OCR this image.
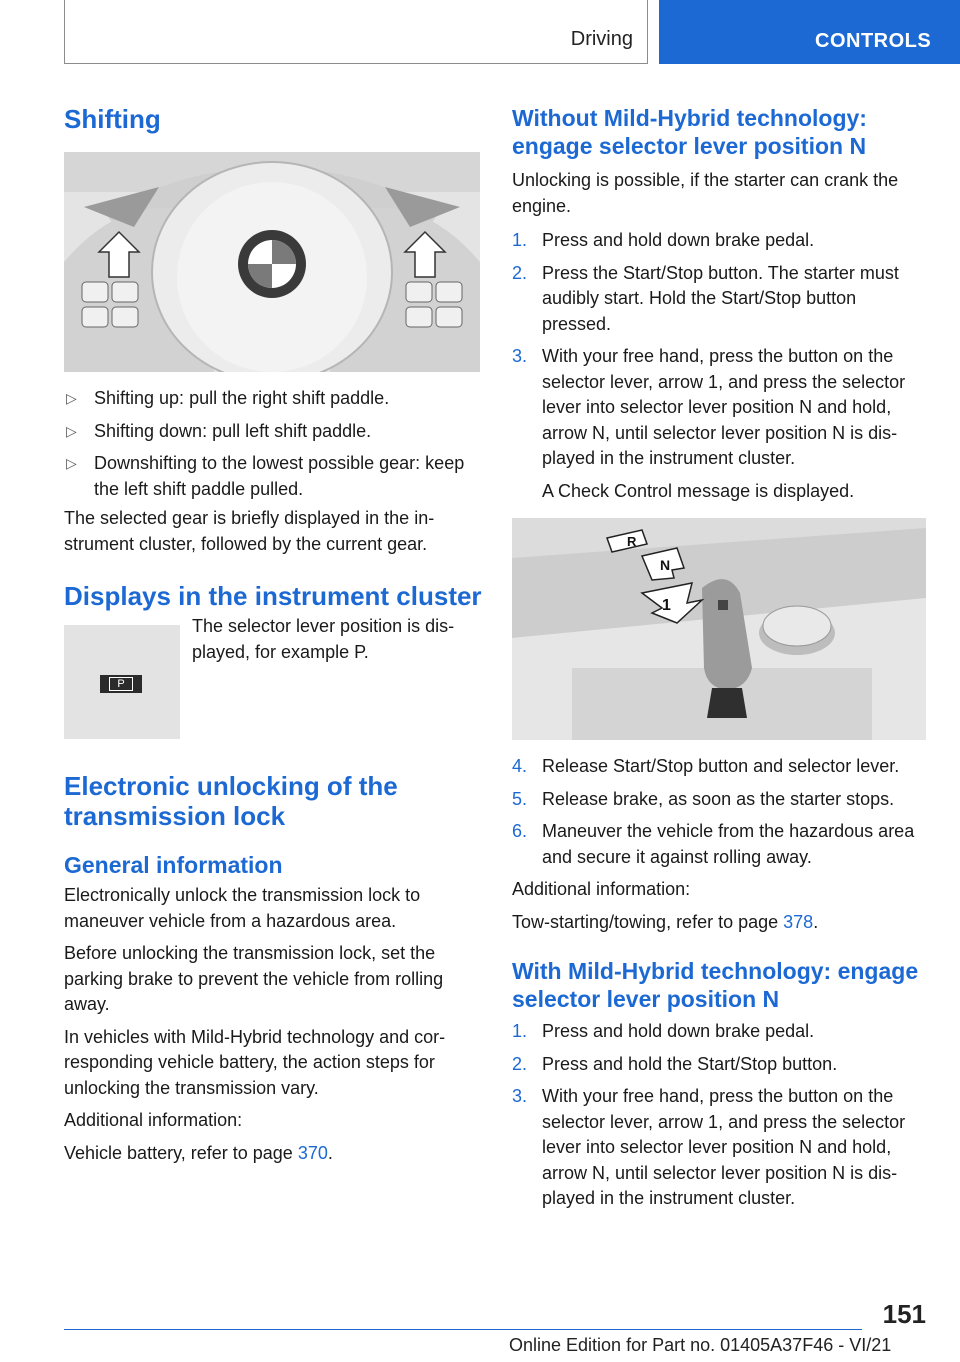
Driving	CONTROLS
Shifting
▷ Shifting up: pull the right shift paddle.
▷ Shifting down: pull left shift paddle.
▷ Downshifting to the lowest possible gear: keep the left shift paddle pulled.

The selected gear is briefly displayed in the in‐strument cluster, followed by the current gear.

Displays in the instrument cluster
P

The selector lever position is dis‐played, for example P.

Electronic unlocking of the transmission lock
General information

Electronically unlock the transmission lock to maneuver vehicle from a hazardous area.

Before unlocking the transmission lock, set the parking brake to prevent the vehicle from rolling away.

In vehicles with Mild-Hybrid technology and cor‐responding vehicle battery, the action steps for unlocking the transmission vary.

Additional information:

Vehicle battery, refer to page 370.

Without Mild-Hybrid technology: engage selector lever position N

Unlocking is possible, if the starter can crank the engine.

1. Press and hold down brake pedal.
2. Press the Start/Stop button. The starter must audibly start. Hold the Start/Stop button pressed.
3. With your free hand, press the button on the selector lever, arrow 1, and press the selector lever into selector lever position N and hold, arrow N, until selector lever position N is dis‐played in the instrument cluster.

A Check Control message is displayed.

R
N
1
4. Release Start/Stop button and selector lever.
5. Release brake, as soon as the starter stops.
6. Maneuver the vehicle from the hazardous area and secure it against rolling away.

Additional information:

Tow-starting/towing, refer to page 378.

With Mild-Hybrid technology: engage selector lever position N
1. Press and hold down brake pedal.
2. Press and hold the Start/Stop button.
3. With your free hand, press the button on the selector lever, arrow 1, and press the selector lever into selector lever position N and hold, arrow N, until selector lever position N is dis‐played in the instrument cluster.
151
Online Edition for Part no. 01405A37F46 - VI/21
